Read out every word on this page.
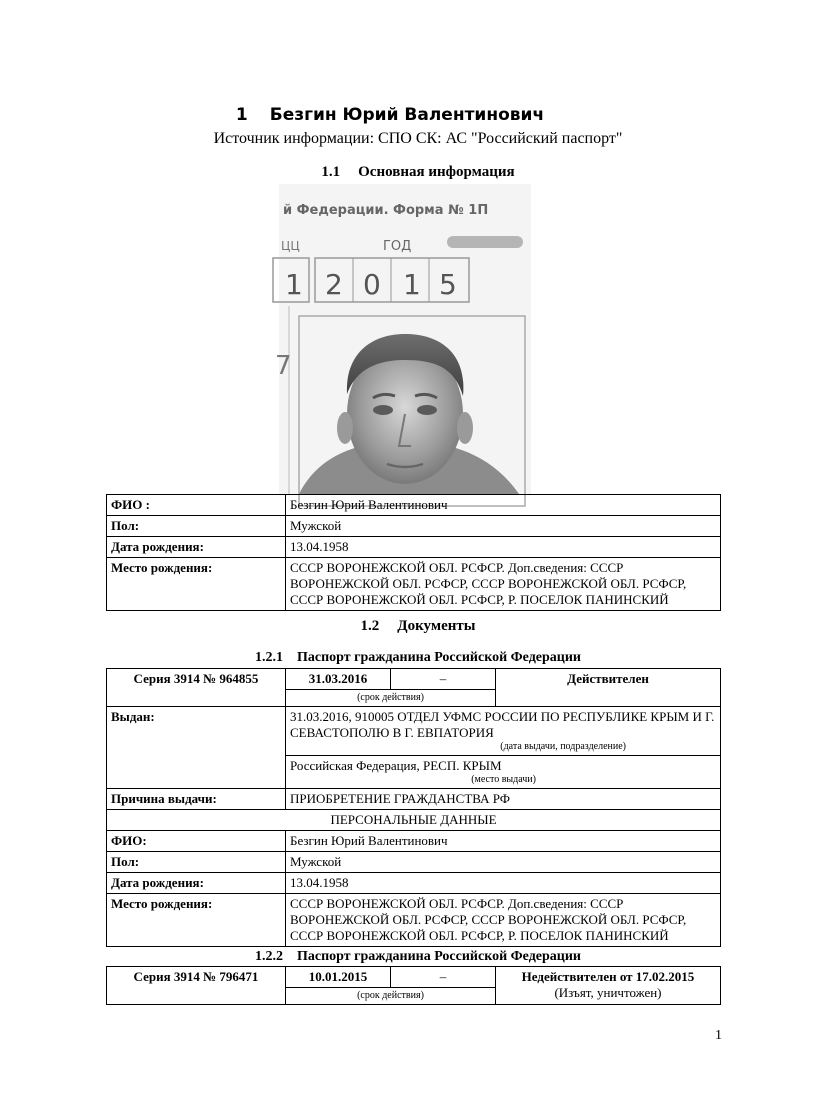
1 Безгин Юрий Валентинович
Источник информации: СПО СК: АС "Российский паспорт"
1.1 Основная информация
й Федерации. Форма № 1П
ЦЦ	ГОД
1 2 0 1 5
7
ФИО :	Безгин Юрий Валентинович
Пол:	Мужской
Дата рождения:	13.04.1958
Место рождения:	СССР ВОРОНЕЖСКОЙ ОБЛ. РСФСР. Доп.сведения: СССР ВОРОНЕЖСКОЙ ОБЛ. РСФСР, СССР ВОРОНЕЖСКОЙ ОБЛ. РСФСР, СССР ВОРОНЕЖСКОЙ ОБЛ. РСФСР, Р. ПОСЕЛОК ПАНИНСКИЙ
1.2 Документы
1.2.1 Паспорт гражданина Российской Федерации
Серия 3914 № 964855	31.03.2016	–	Действителен
	(срок действия)		
Выдан:	31.03.2016, 910005 ОТДЕЛ УФМС РОССИИ ПО РЕСПУБЛИКЕ КРЫМ И Г. СЕВАСТОПОЛЮ В Г. ЕВПАТОРИЯ
(дата выдачи, подразделение)		

	Российская Федерация, РЕСП. КРЫМ
(место выдачи)		

Причина выдачи:	ПРИОБРЕТЕНИЕ ГРАЖДАНСТВА РФ		
ПЕРСОНАЛЬНЫЕ ДАННЫЕ			
ФИО:	Безгин Юрий Валентинович		
Пол:	Мужской		
Дата рождения:	13.04.1958		
Место рождения:	СССР ВОРОНЕЖСКОЙ ОБЛ. РСФСР. Доп.сведения: СССР ВОРОНЕЖСКОЙ ОБЛ. РСФСР, СССР ВОРОНЕЖСКОЙ ОБЛ. РСФСР, СССР ВОРОНЕЖСКОЙ ОБЛ. РСФСР, Р. ПОСЕЛОК ПАНИНСКИЙ		
1.2.2 Паспорт гражданина Российской Федерации
Серия 3914 № 796471	10.01.2015	–	Недействителен от 17.02.2015
(Изъят, уничтожен)

(срок действия)
1
